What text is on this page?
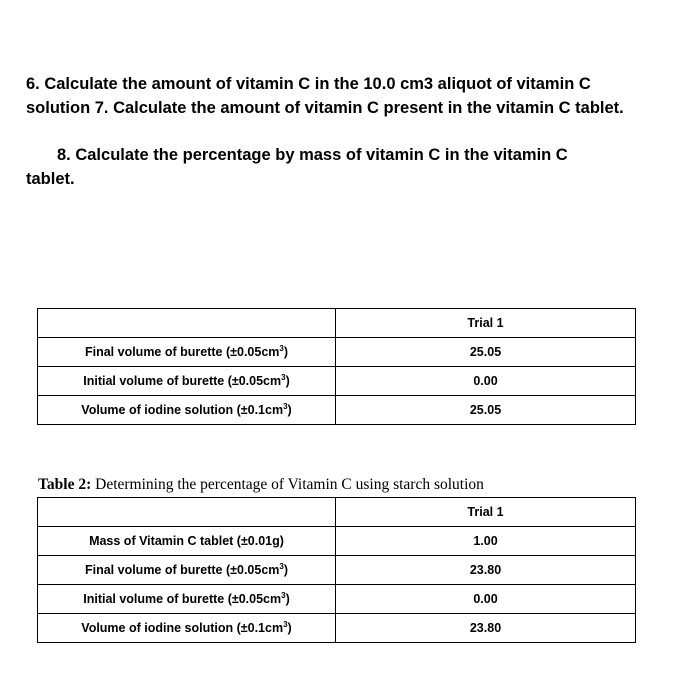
6. Calculate the amount of vitamin C in the 10.0 cm3 aliquot of vitamin C solution 7. Calculate the amount of vitamin C present in the vitamin C tablet.

8. Calculate the percentage by mass of vitamin C in the vitamin C
tablet.

	Trial 1
Final volume of burette $(\pm 0.05cm^3)$	25.05
Initial volume of burette $(\pm 0.05cm^3)$	0.00
Volume of iodine solution $(\pm 0.1cm^3)$	25.05
Table 2: Determining the percentage of Vitamin C using starch solution
	Trial 1
Mass of Vitamin C tablet (±0.01g)	1.00
Final volume of burette $(\pm 0.05cm^3)$	23.80
Initial volume of burette $(\pm 0.05cm^3)$	0.00
Volume of iodine solution $(\pm 0.1cm^3)$	23.80
